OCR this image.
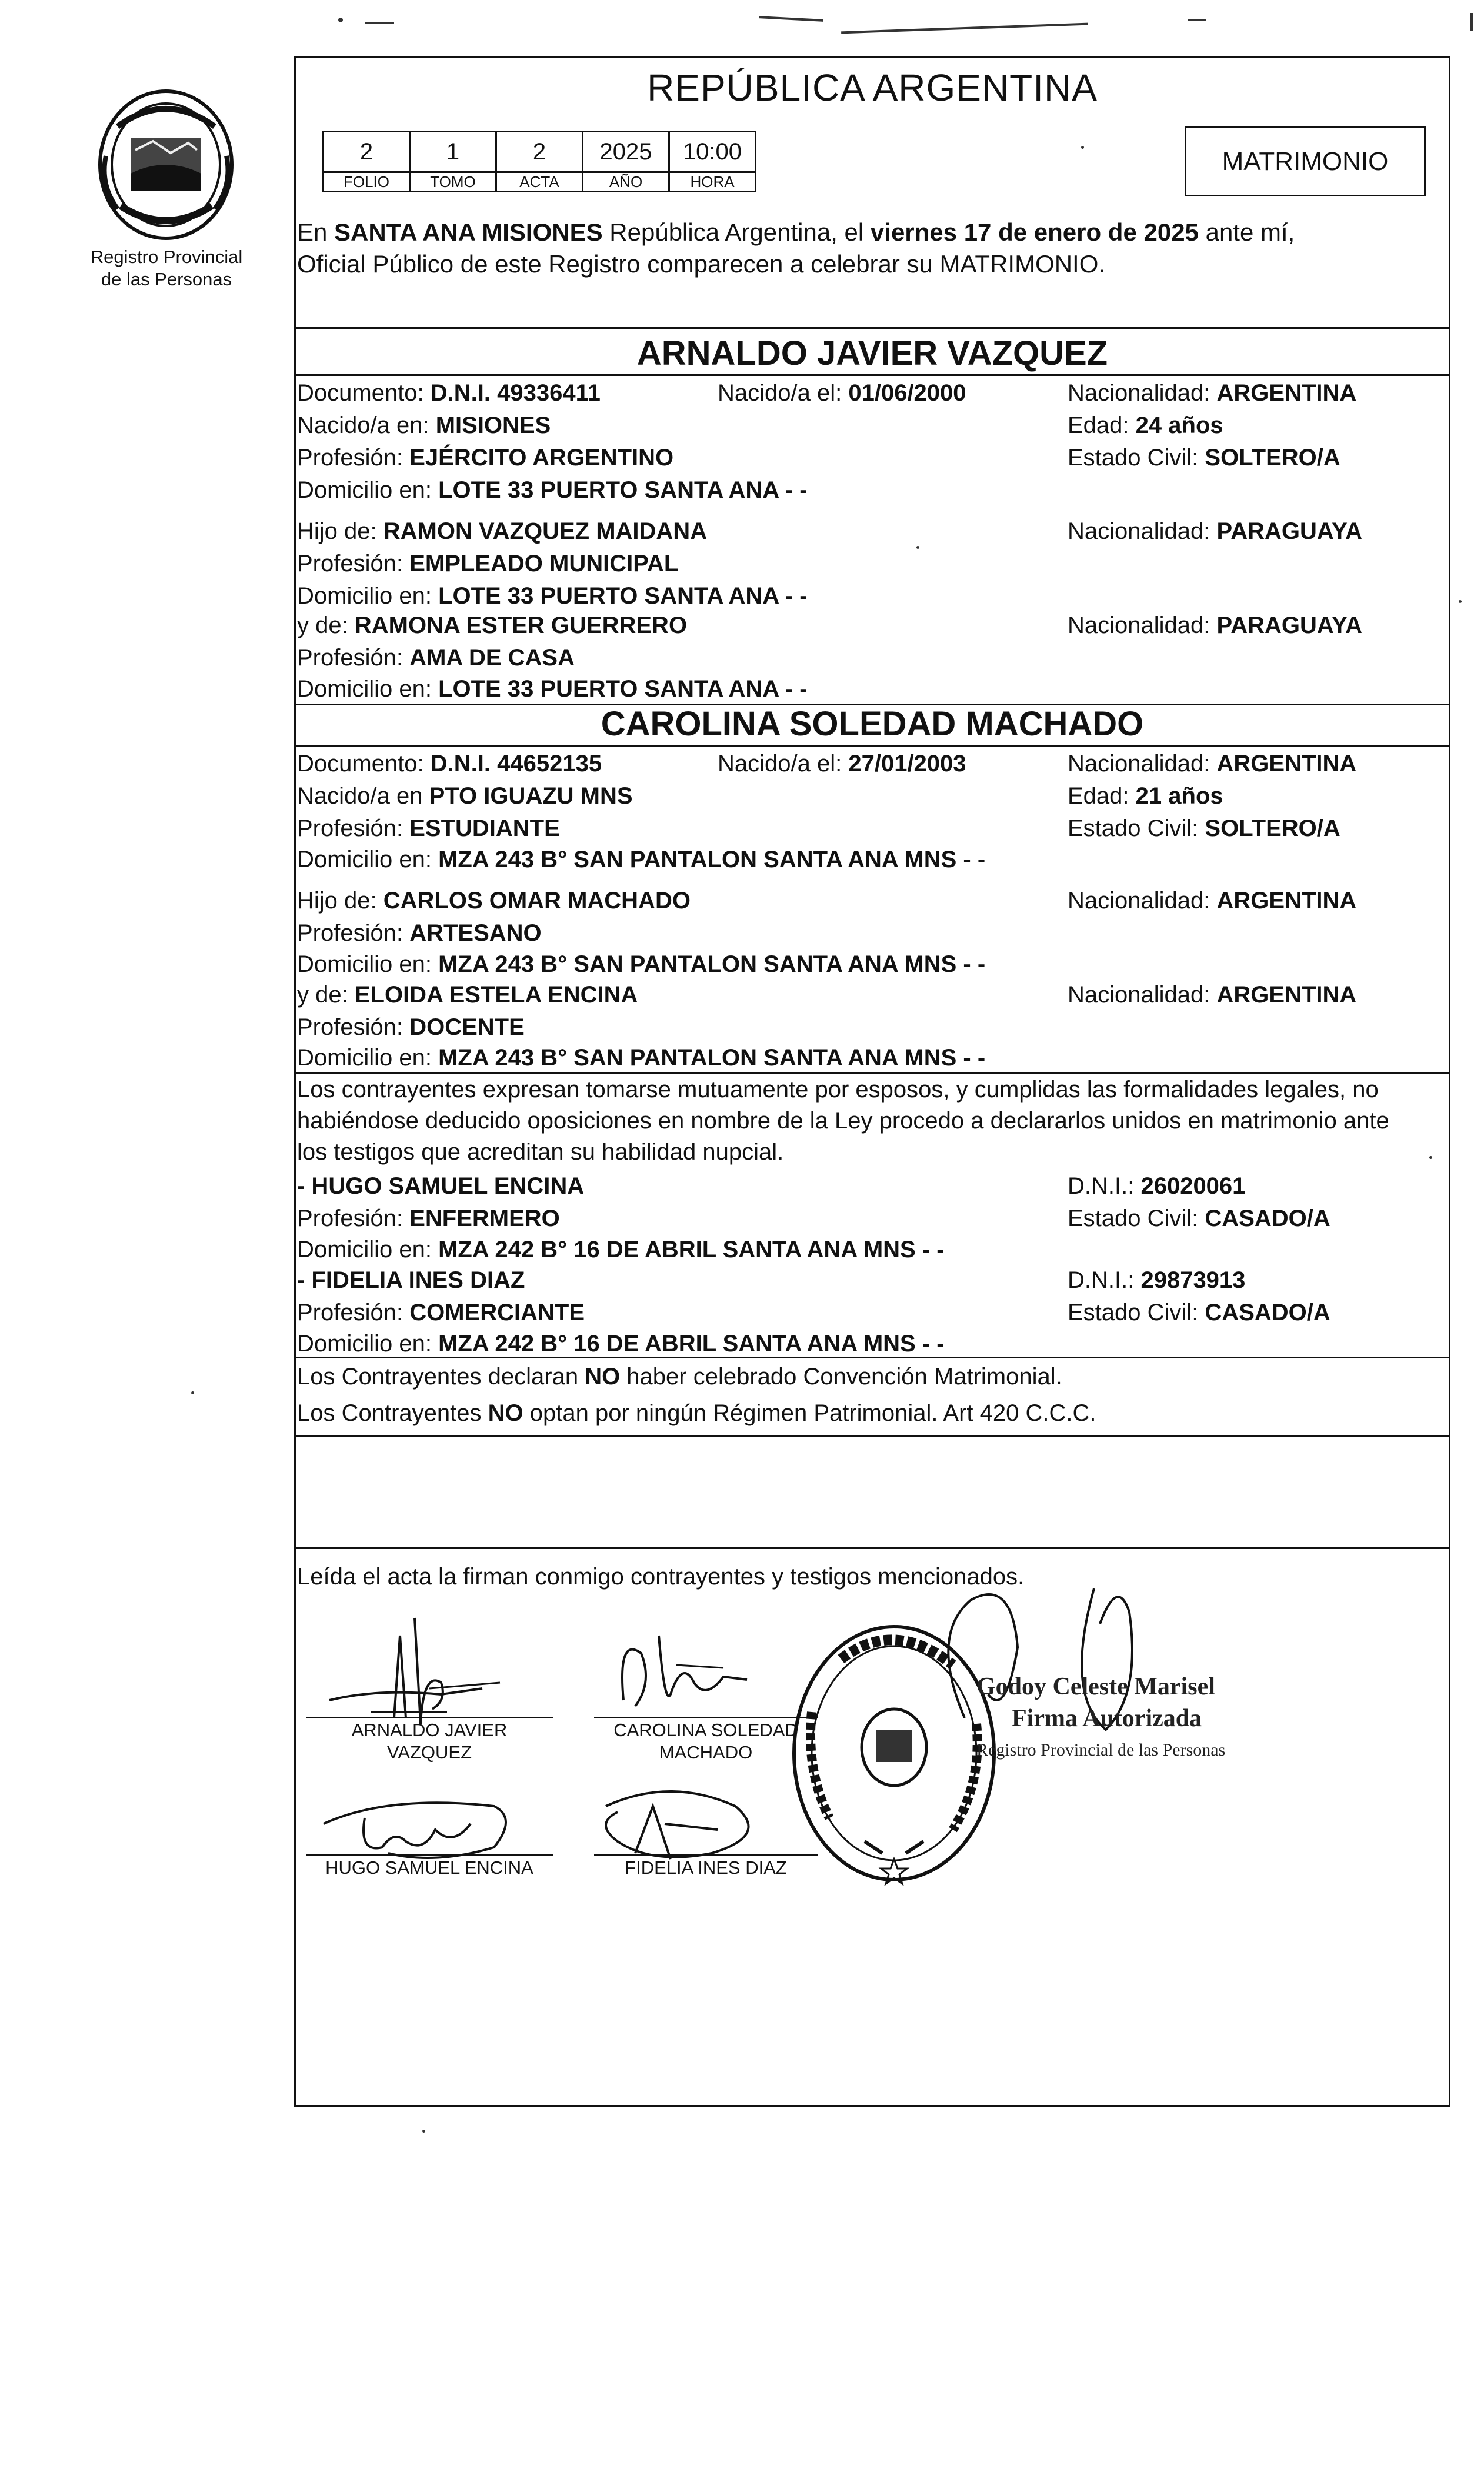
Registro Provincial
de las Personas
REPÚBLICA ARGENTINA
2	1	2	2025	10:00
FOLIO	TOMO	ACTA	AÑO	HORA
MATRIMONIO
En SANTA ANA MISIONES República Argentina, el viernes 17 de enero de 2025 ante mí,
Oficial Público de este Registro comparecen a celebrar su MATRIMONIO.
ARNALDO JAVIER VAZQUEZ
Documento: D.N.I. 49336411	Nacido/a el: 01/06/2000	Nacionalidad: ARGENTINA
Nacido/a en: MISIONES	Edad: 24 años
Profesión: EJÉRCITO ARGENTINO	Estado Civil: SOLTERO/A
Domicilio en: LOTE 33 PUERTO SANTA ANA - -
Hijo de: RAMON VAZQUEZ MAIDANA	Nacionalidad: PARAGUAYA
Profesión: EMPLEADO MUNICIPAL
Domicilio en: LOTE 33 PUERTO SANTA ANA - -
y de: RAMONA ESTER GUERRERO	Nacionalidad: PARAGUAYA
Profesión: AMA DE CASA
Domicilio en: LOTE 33 PUERTO SANTA ANA - -
CAROLINA SOLEDAD MACHADO
Documento: D.N.I. 44652135	Nacido/a el: 27/01/2003	Nacionalidad: ARGENTINA
Nacido/a en PTO IGUAZU MNS	Edad: 21 años
Profesión: ESTUDIANTE	Estado Civil: SOLTERO/A
Domicilio en: MZA 243 B° SAN PANTALON SANTA ANA MNS - -
Hijo de: CARLOS OMAR MACHADO	Nacionalidad: ARGENTINA
Profesión: ARTESANO
Domicilio en: MZA 243 B° SAN PANTALON SANTA ANA MNS - -
y de: ELOIDA ESTELA ENCINA	Nacionalidad: ARGENTINA
Profesión: DOCENTE
Domicilio en: MZA 243 B° SAN PANTALON SANTA ANA MNS - -
Los contrayentes expresan tomarse mutuamente por esposos, y cumplidas las formalidades legales, no
habiéndose deducido oposiciones en nombre de la Ley procedo a declararlos unidos en matrimonio ante
los testigos que acreditan su habilidad nupcial.
- HUGO SAMUEL ENCINA	D.N.I.: 26020061
Profesión: ENFERMERO	Estado Civil: CASADO/A
Domicilio en: MZA 242 B° 16 DE ABRIL SANTA ANA MNS - -
- FIDELIA INES DIAZ	D.N.I.: 29873913
Profesión: COMERCIANTE	Estado Civil: CASADO/A
Domicilio en: MZA 242 B° 16 DE ABRIL SANTA ANA MNS - -
Los Contrayentes declaran NO haber celebrado Convención Matrimonial.
Los Contrayentes NO optan por ningún Régimen Patrimonial. Art 420 C.C.C.
Leída el acta la firman conmigo contrayentes y testigos mencionados.
ARNALDO JAVIER
VAZQUEZ
CAROLINA SOLEDAD
MACHADO
HUGO SAMUEL ENCINA	FIDELIA INES DIAZ
Godoy Celeste Marisel
Firma Autorizada
Registro Provincial de las Personas
